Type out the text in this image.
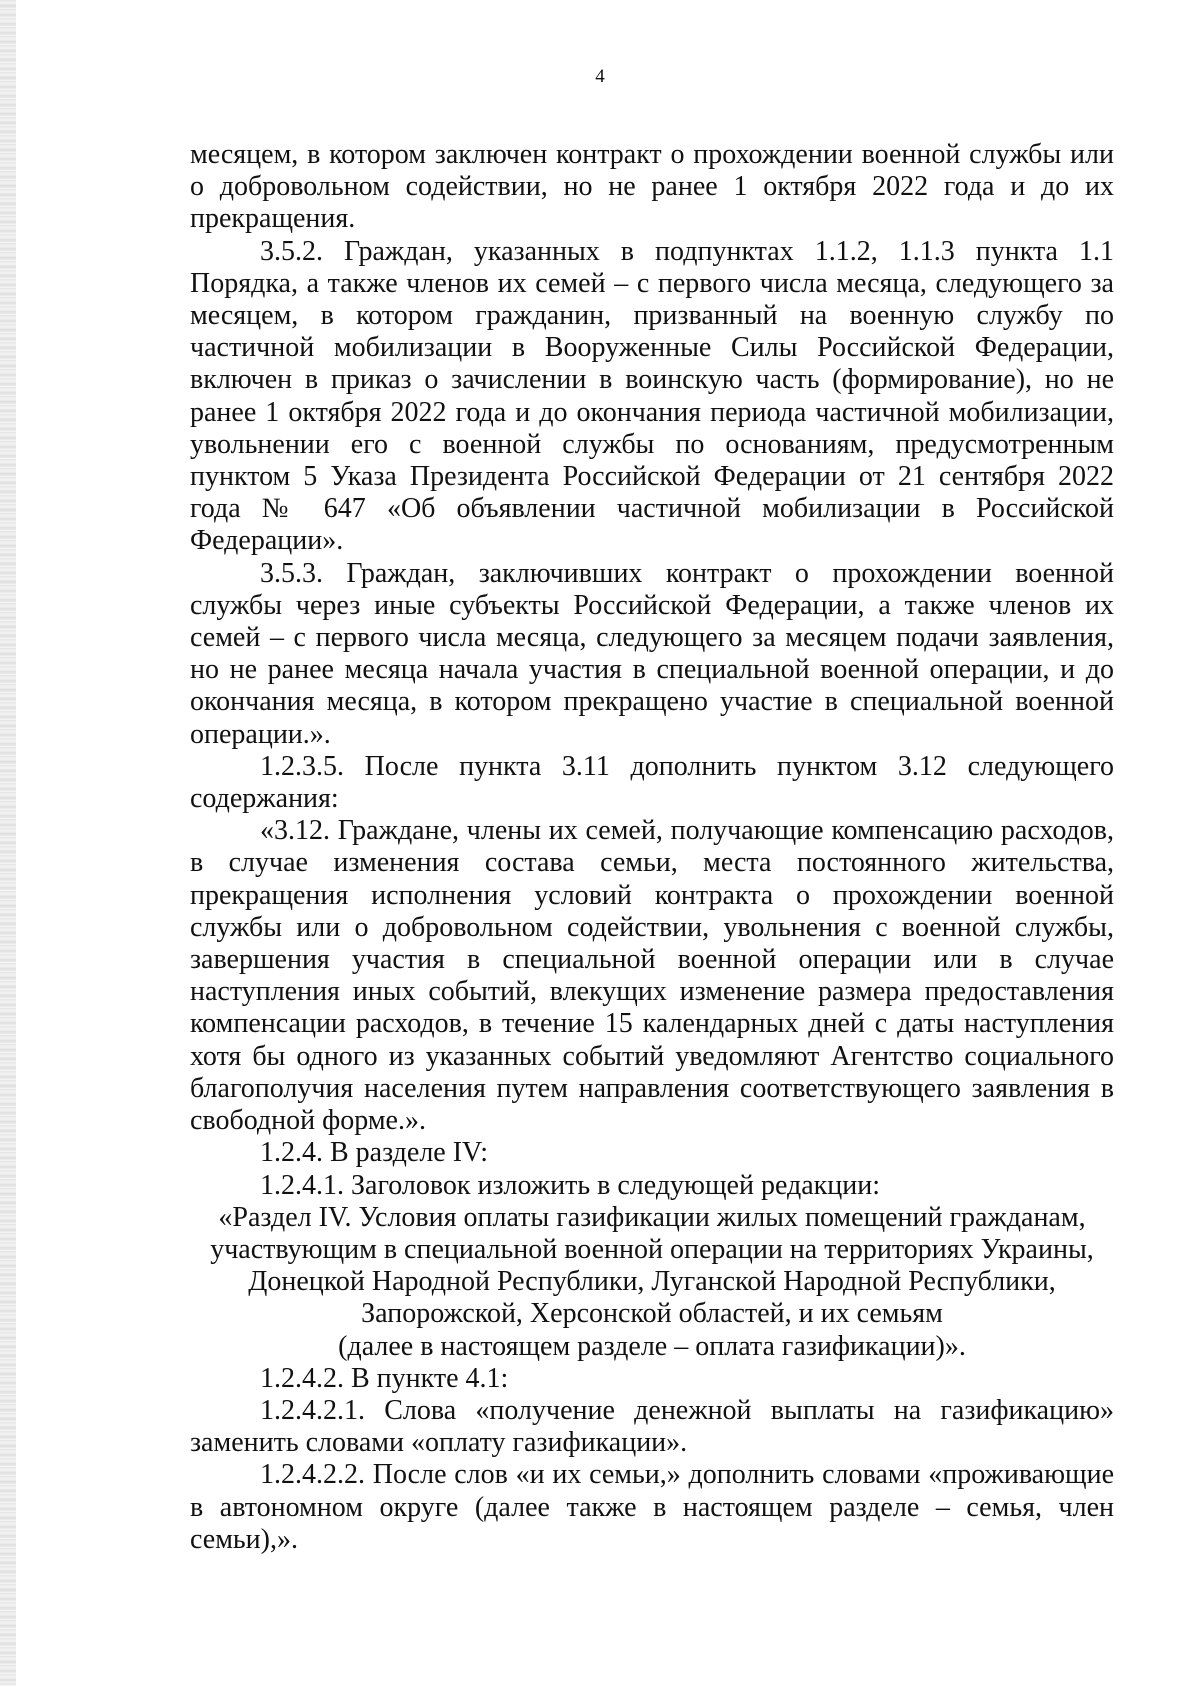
4

месяцем, в котором заключен контракт о прохождении военной службы или о добровольном содействии, но не ранее 1 октября 2022 года и до их прекращения.

3.5.2. Граждан, указанных в подпунктах 1.1.2, 1.1.3 пункта 1.1 Порядка, а также членов их семей – с первого числа месяца, следующего за месяцем, в котором гражданин, призванный на военную службу по частичной мобилизации в Вооруженные Силы Российской Федерации, включен в приказ о зачислении в воинскую часть (формирование), но не ранее 1 октября 2022 года и до окончания периода частичной мобилизации, увольнении его с военной службы по основаниям, предусмотренным пунктом 5 Указа Президента Российской Федерации от 21 сентября 2022 года № 647 «Об объявлении частичной мобилизации в Российской Федерации».

3.5.3. Граждан, заключивших контракт о прохождении военной службы через иные субъекты Российской Федерации, а также членов их семей – с первого числа месяца, следующего за месяцем подачи заявления, но не ранее месяца начала участия в специальной военной операции, и до окончания месяца, в котором прекращено участие в специальной военной операции.».

1.2.3.5. После пункта 3.11 дополнить пунктом 3.12 следующего содержания:

«3.12. Граждане, члены их семей, получающие компенсацию расходов, в случае изменения состава семьи, места постоянного жительства, прекращения исполнения условий контракта о прохождении военной службы или о добровольном содействии, увольнения с военной службы, завершения участия в специальной военной операции или в случае наступления иных событий, влекущих изменение размера предоставления компенсации расходов, в течение 15 календарных дней с даты наступления хотя бы одного из указанных событий уведомляют Агентство социального благополучия населения путем направления соответствующего заявления в свободной форме.».

1.2.4. В разделе IV:

1.2.4.1. Заголовок изложить в следующей редакции:

«Раздел IV. Условия оплаты газификации жилых помещений гражданам,

участвующим в специальной военной операции на территориях Украины,

Донецкой Народной Республики, Луганской Народной Республики,

Запорожской, Херсонской областей, и их семьям

(далее в настоящем разделе – оплата газификации)».

1.2.4.2. В пункте 4.1:

1.2.4.2.1. Слова «получение денежной выплаты на газификацию» заменить словами «оплату газификации».

1.2.4.2.2. После слов «и их семьи,» дополнить словами «проживающие в автономном округе (далее также в настоящем разделе – семья, член семьи),».
